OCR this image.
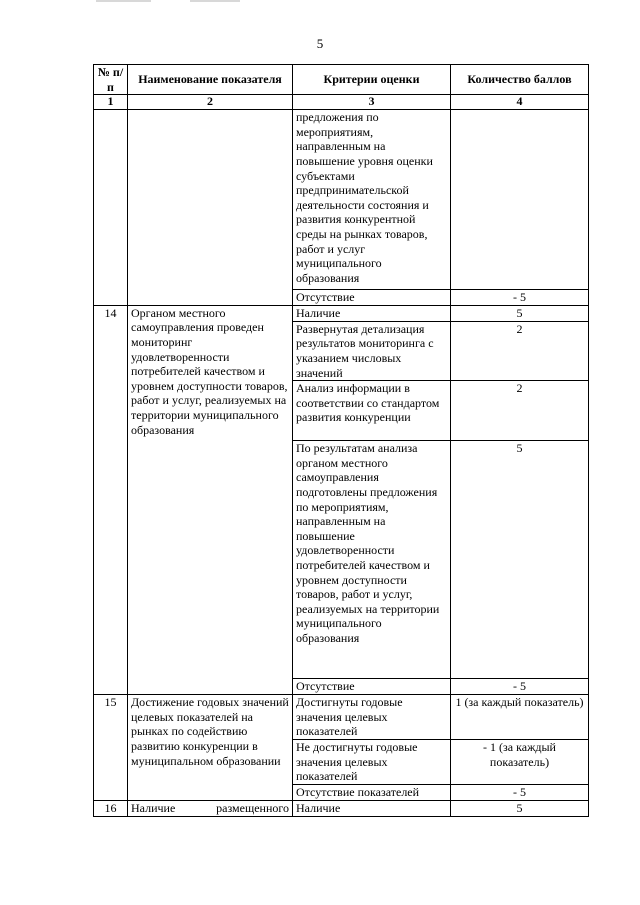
5
№ п/п	Наименование показателя	Критерии оценки	Количество баллов
1	2	3	4
		предложения по мероприятиям, направленным на повышение уровня оценки субъектами предпринимательской деятельности состояния и развития конкурентной среды на рынках товаров, работ и услуг муниципального образования	
		Отсутствие	- 5
14	Органом местного самоуправления проведен мониторинг удовлетворенности потребителей качеством и уровнем доступности товаров, работ и услуг, реализуемых на территории муниципального образования	Наличие	5
		Развернутая детализация результатов мониторинга с указанием числовых значений	2
		Анализ информации в соответствии со стандартом развития конкуренции	2
		По результатам анализа органом местного самоуправления подготовлены предложения по мероприятиям, направленным на повышение удовлетворенности потребителей качеством и уровнем доступности товаров, работ и услуг, реализуемых на территории муниципального образования	5
		Отсутствие	- 5
15	Достижение годовых значений целевых показателей на рынках по содействию развитию конкуренции в муниципальном образовании	Достигнуты годовые значения целевых показателей	1 (за каждый показатель)
		Не достигнуты годовые значения целевых показателей	- 1 (за каждый показатель)
		Отсутствие показателей	- 5
16	Наличие размещенного	Наличие	5
